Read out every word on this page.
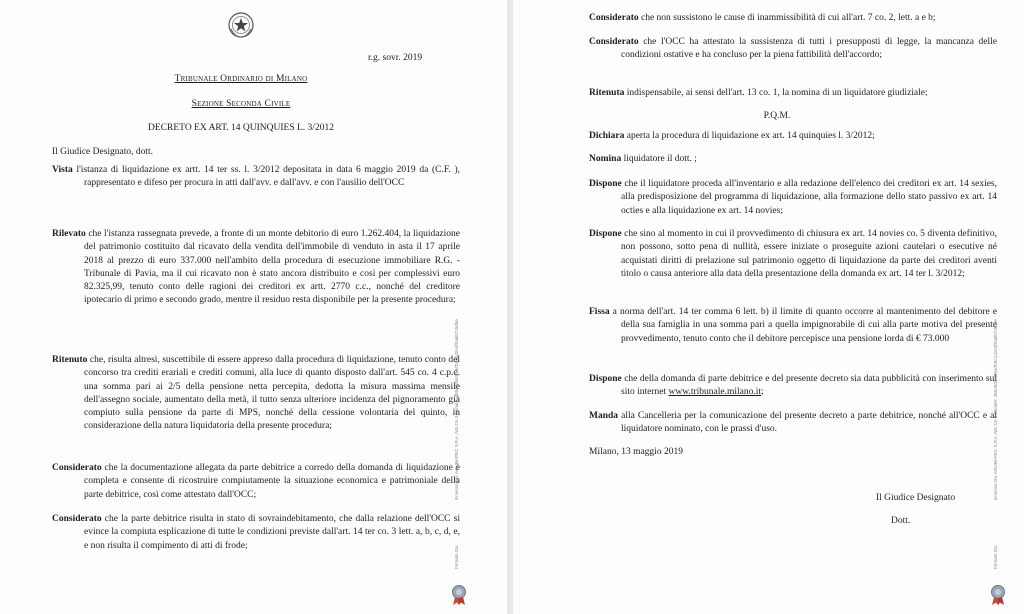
r.g. sovr. 2019
Tribunale Ordinario di Milano
Sezione Seconda Civile
DECRETO EX ART. 14 QUINQUIES L. 3/2012
Il Giudice Designato, dott.
Vista l'istanza di liquidazione ex artt. 14 ter ss. l. 3/2012 depositata in data 6 maggio 2019 da (C.F. ), rappresentato e difeso per procura in atti dall'avv. e dall'avv. e con l'ausilio dell'OCC
Rilevato che l'istanza rassegnata prevede, a fronte di un monte debitorio di euro 1.262.404, la liquidazione del patrimonio costituito dal ricavato della vendita dell'immobile di venduto in asta il 17 aprile 2018 al prezzo di euro 337.000 nell'ambito della procedura di esecuzione immobiliare R.G. - Tribunale di Pavia, ma il cui ricavato non è stato ancora distribuito e così per complessivi euro 82.325,99, tenuto conto delle ragioni dei creditori ex artt. 2770 c.c., nonché del creditore ipotecario di primo e secondo grado, mentre il residuo resta disponibile per la presente procedura;
Ritenuto che, risulta altresì, suscettibile di essere appreso dalla procedura di liquidazione, tenuto conto del concorso tra crediti erariali e crediti comuni, alla luce di quanto disposto dall'art. 545 co. 4 c.p.c. una somma pari ai 2/5 della pensione netta percepita, dedotta la misura massima mensile dell'assegno sociale, aumentato della metà, il tutto senza ulteriore incidenza del pignoramento già compiuto sulla pensione da parte di MPS, nonché della cessione volontaria del quinto, in considerazione della natura liquidatoria della presente procedura;
Considerato che la documentazione allegata da parte debitrice a corredo della domanda di liquidazione è completa e consente di ricostruire compiutamente la situazione economica e patrimoniale della parte debitrice, così come attestato dall'OCC;
Considerato che la parte debitrice risulta in stato di sovraindebitamento, che dalla relazione dell'OCC si evince la compiuta esplicazione di tutte le condizioni previste dall'art. 14 ter co. 3 lett. a, b, c, d, e, e non risulta il compimento di atti di frode;
Emesso Da: ARUBAPEC S.P.A. NG CA 3 Serial#: 4b5c8d0e3f6a7b9c1d2e4f5a6b7c8d9e
Firmato Da:
Considerato che non sussistono le cause di inammissibilità di cui all'art. 7 co. 2, lett. a e b;
Considerato che l'OCC ha attestato la sussistenza di tutti i presupposti di legge, la mancanza delle condizioni ostative e ha concluso per la piena fattibilità dell'accordo;
Ritenuta indispensabile, ai sensi dell'art. 13 co. 1, la nomina di un liquidatore giudiziale;
P.Q.M.
Dichiara aperta la procedura di liquidazione ex art. 14 quinquies l. 3/2012;
Nomina liquidatore il dott. ;
Dispone che il liquidatore proceda all'inventario e alla redazione dell'elenco dei creditori ex art. 14 sexies, alla predisposizione del programma di liquidazione, alla formazione dello stato passivo ex art. 14 octies e alla liquidazione ex art. 14 novies;
Dispone che sino al momento in cui il provvedimento di chiusura ex art. 14 novies co. 5 diventa definitivo, non possono, sotto pena di nullità, essere iniziate o proseguite azioni cautelari o esecutive né acquistati diritti di prelazione sul patrimonio oggetto di liquidazione da parte dei creditori aventi titolo o causa anteriore alla data della presentazione della domanda ex art. 14 ter l. 3/2012;
Fissa a norma dell'art. 14 ter comma 6 lett. b) il limite di quanto occorre al mantenimento del debitore e della sua famiglia in una somma pari a quella impignorabile di cui alla parte motiva del presente provvedimento, tenuto conto che il debitore percepisce una pensione lorda di € 73.000
Dispone che della domanda di parte debitrice e del presente decreto sia data pubblicità con inserimento sul sito internet www.tribunale.milano.it;
Manda alla Cancelleria per la comunicazione del presente decreto a parte debitrice, nonché all'OCC e al liquidatore nominato, con le prassi d'uso.
Milano, 13 maggio 2019
Il Giudice Designato
Dott.
Emesso Da: ARUBAPEC S.P.A. NG CA 3 Serial#: 4b5c8d0e3f6a7b9c1d2e4f5a6b7c8d9e
Firmato Da:
